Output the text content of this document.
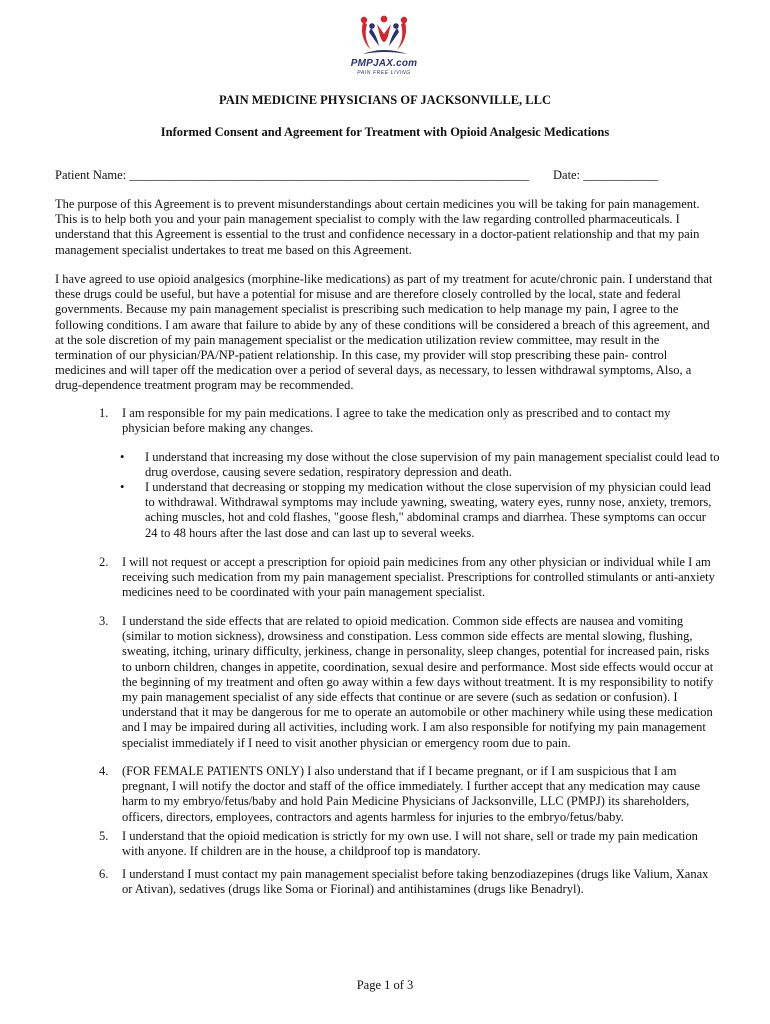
PMPJAX.com
PAIN FREE LIVING
PAIN MEDICINE PHYSICIANS OF JACKSONVILLE, LLC
Informed Consent and Agreement for Treatment with Opioid Analgesic Medications
Patient Name: ________________________________________________________________ Date: ____________

The purpose of this Agreement is to prevent misunderstandings about certain medicines you will be taking for pain management. This is to help both you and your pain management specialist to comply with the law regarding controlled pharmaceuticals. I understand that this Agreement is essential to the trust and confidence necessary in a doctor-patient relationship and that my pain management specialist undertakes to treat me based on this Agreement.

I have agreed to use opioid analgesics (morphine-like medications) as part of my treatment for acute/chronic pain. I understand that these drugs could be useful, but have a potential for misuse and are therefore closely controlled by the local, state and federal governments. Because my pain management specialist is prescribing such medication to help manage my pain, I agree to the following conditions. I am aware that failure to abide by any of these conditions will be considered a breach of this agreement, and at the sole discretion of my pain management specialist or the medication utilization review committee, may result in the termination of our physician/PA/NP-patient relationship. In this case, my provider will stop prescribing these pain- control medicines and will taper off the medication over a period of several days, as necessary, to lessen withdrawal symptoms, Also, a drug-dependence treatment program may be recommended.

1. I am responsible for my pain medications. I agree to take the medication only as prescribed and to contact my physician before making any changes.
• I understand that increasing my dose without the close supervision of my pain management specialist could lead to drug overdose, causing severe sedation, respiratory depression and death.
• I understand that decreasing or stopping my medication without the close supervision of my physician could lead to withdrawal. Withdrawal symptoms may include yawning, sweating, watery eyes, runny nose, anxiety, tremors, aching muscles, hot and cold flashes, "goose flesh," abdominal cramps and diarrhea. These symptoms can occur 24 to 48 hours after the last dose and can last up to several weeks.
2. I will not request or accept a prescription for opioid pain medicines from any other physician or individual while I am receiving such medication from my pain management specialist. Prescriptions for controlled stimulants or anti-anxiety medicines need to be coordinated with your pain management specialist.
3. I understand the side effects that are related to opioid medication. Common side effects are nausea and vomiting (similar to motion sickness), drowsiness and constipation. Less common side effects are mental slowing, flushing, sweating, itching, urinary difficulty, jerkiness, change in personality, sleep changes, potential for increased pain, risks to unborn children, changes in appetite, coordination, sexual desire and performance. Most side effects would occur at the beginning of my treatment and often go away within a few days without treatment. It is my responsibility to notify my pain management specialist of any side effects that continue or are severe (such as sedation or confusion). I understand that it may be dangerous for me to operate an automobile or other machinery while using these medication and I may be impaired during all activities, including work. I am also responsible for notifying my pain management specialist immediately if I need to visit another physician or emergency room due to pain.
4. (FOR FEMALE PATIENTS ONLY) I also understand that if I became pregnant, or if I am suspicious that I am pregnant, I will notify the doctor and staff of the office immediately. I further accept that any medication may cause harm to my embryo/fetus/baby and hold Pain Medicine Physicians of Jacksonville, LLC (PMPJ) its shareholders, officers, directors, employees, contractors and agents harmless for injuries to the embryo/fetus/baby.
5. I understand that the opioid medication is strictly for my own use. I will not share, sell or trade my pain medication with anyone. If children are in the house, a childproof top is mandatory.
6. I understand I must contact my pain management specialist before taking benzodiazepines (drugs like Valium, Xanax or Ativan), sedatives (drugs like Soma or Fiorinal) and antihistamines (drugs like Benadryl).
Page 1 of 3
